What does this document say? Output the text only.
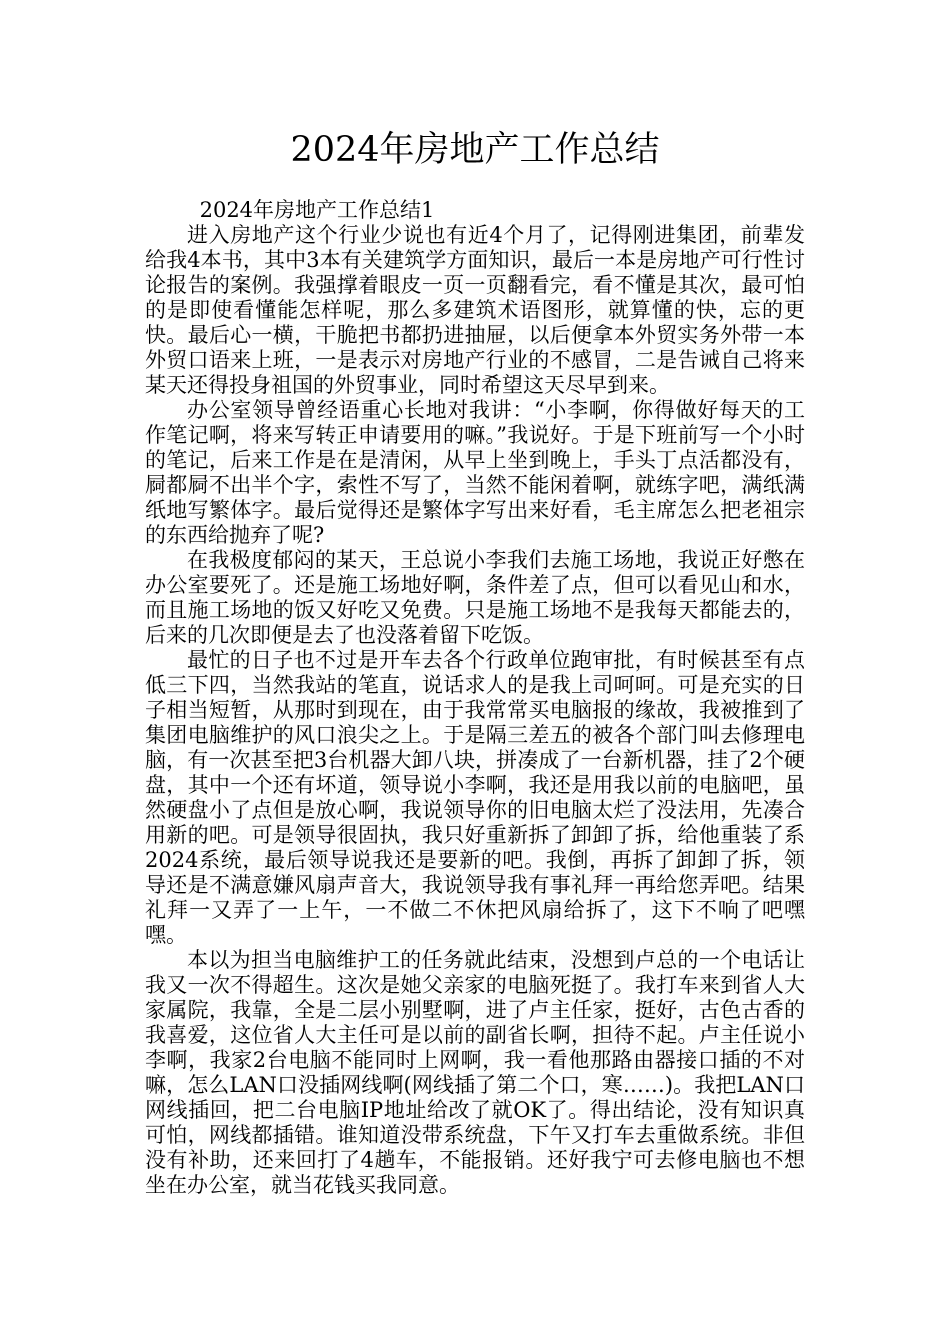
2024年房地产工作总结

2024年房地产工作总结1

进入房地产这个行业少说也有近4个月了，记得刚进集团，前辈发给我4本书，其中3本有关建筑学方面知识，最后一本是房地产可行性讨论报告的案例。我强撑着眼皮一页一页翻看完，看不懂是其次，最可怕的是即使看懂能怎样呢，那么多建筑术语图形，就算懂的快，忘的更快。最后心一横，干脆把书都扔进抽屉，以后便拿本外贸实务外带一本外贸口语来上班，一是表示对房地产行业的不感冒，二是告诫自己将来某天还得投身祖国的外贸事业，同时希望这天尽早到来。

办公室领导曾经语重心长地对我讲：“小李啊，你得做好每天的工作笔记啊，将来写转正申请要用的嘛。”我说好。于是下班前写一个小时的笔记，后来工作是在是清闲，从早上坐到晚上，手头丁点活都没有，屙都屙不出半个字，索性不写了，当然不能闲着啊，就练字吧，满纸满纸地写繁体字。最后觉得还是繁体字写出来好看，毛主席怎么把老祖宗的东西给抛弃了呢?

在我极度郁闷的某天，王总说小李我们去施工场地，我说正好憋在办公室要死了。还是施工场地好啊，条件差了点，但可以看见山和水，而且施工场地的饭又好吃又免费。只是施工场地不是我每天都能去的，后来的几次即便是去了也没落着留下吃饭。

最忙的日子也不过是开车去各个行政单位跑审批，有时候甚至有点低三下四，当然我站的笔直，说话求人的是我上司呵呵。可是充实的日子相当短暂，从那时到现在，由于我常常买电脑报的缘故，我被推到了集团电脑维护的风口浪尖之上。于是隔三差五的被各个部门叫去修理电脑，有一次甚至把3台机器大卸八块，拼凑成了一台新机器，挂了2个硬盘，其中一个还有坏道，领导说小李啊，我还是用我以前的电脑吧，虽然硬盘小了点但是放心啊，我说领导你的旧电脑太烂了没法用，先凑合用新的吧。可是领导很固执，我只好重新拆了卸卸了拆，给他重装了系2024系统，最后领导说我还是要新的吧。我倒，再拆了卸卸了拆，领导还是不满意嫌风扇声音大，我说领导我有事礼拜一再给您弄吧。结果礼拜一又弄了一上午，一不做二不休把风扇给拆了，这下不响了吧嘿嘿。

本以为担当电脑维护工的任务就此结束，没想到卢总的一个电话让我又一次不得超生。这次是她父亲家的电脑死挺了。我打车来到省人大家属院，我靠，全是二层小别墅啊，进了卢主任家，挺好，古色古香的我喜爱，这位省人大主任可是以前的副省长啊，担待不起。卢主任说小李啊，我家2台电脑不能同时上网啊，我一看他那路由器接口插的不对嘛，怎么LAN口没插网线啊(网线插了第二个口，寒……)。我把LAN口网线插回，把二台电脑IP地址给改了就OK了。得出结论，没有知识真可怕，网线都插错。谁知道没带系统盘，下午又打车去重做系统。非但没有补助，还来回打了4趟车，不能报销。还好我宁可去修电脑也不想坐在办公室，就当花钱买我同意。
